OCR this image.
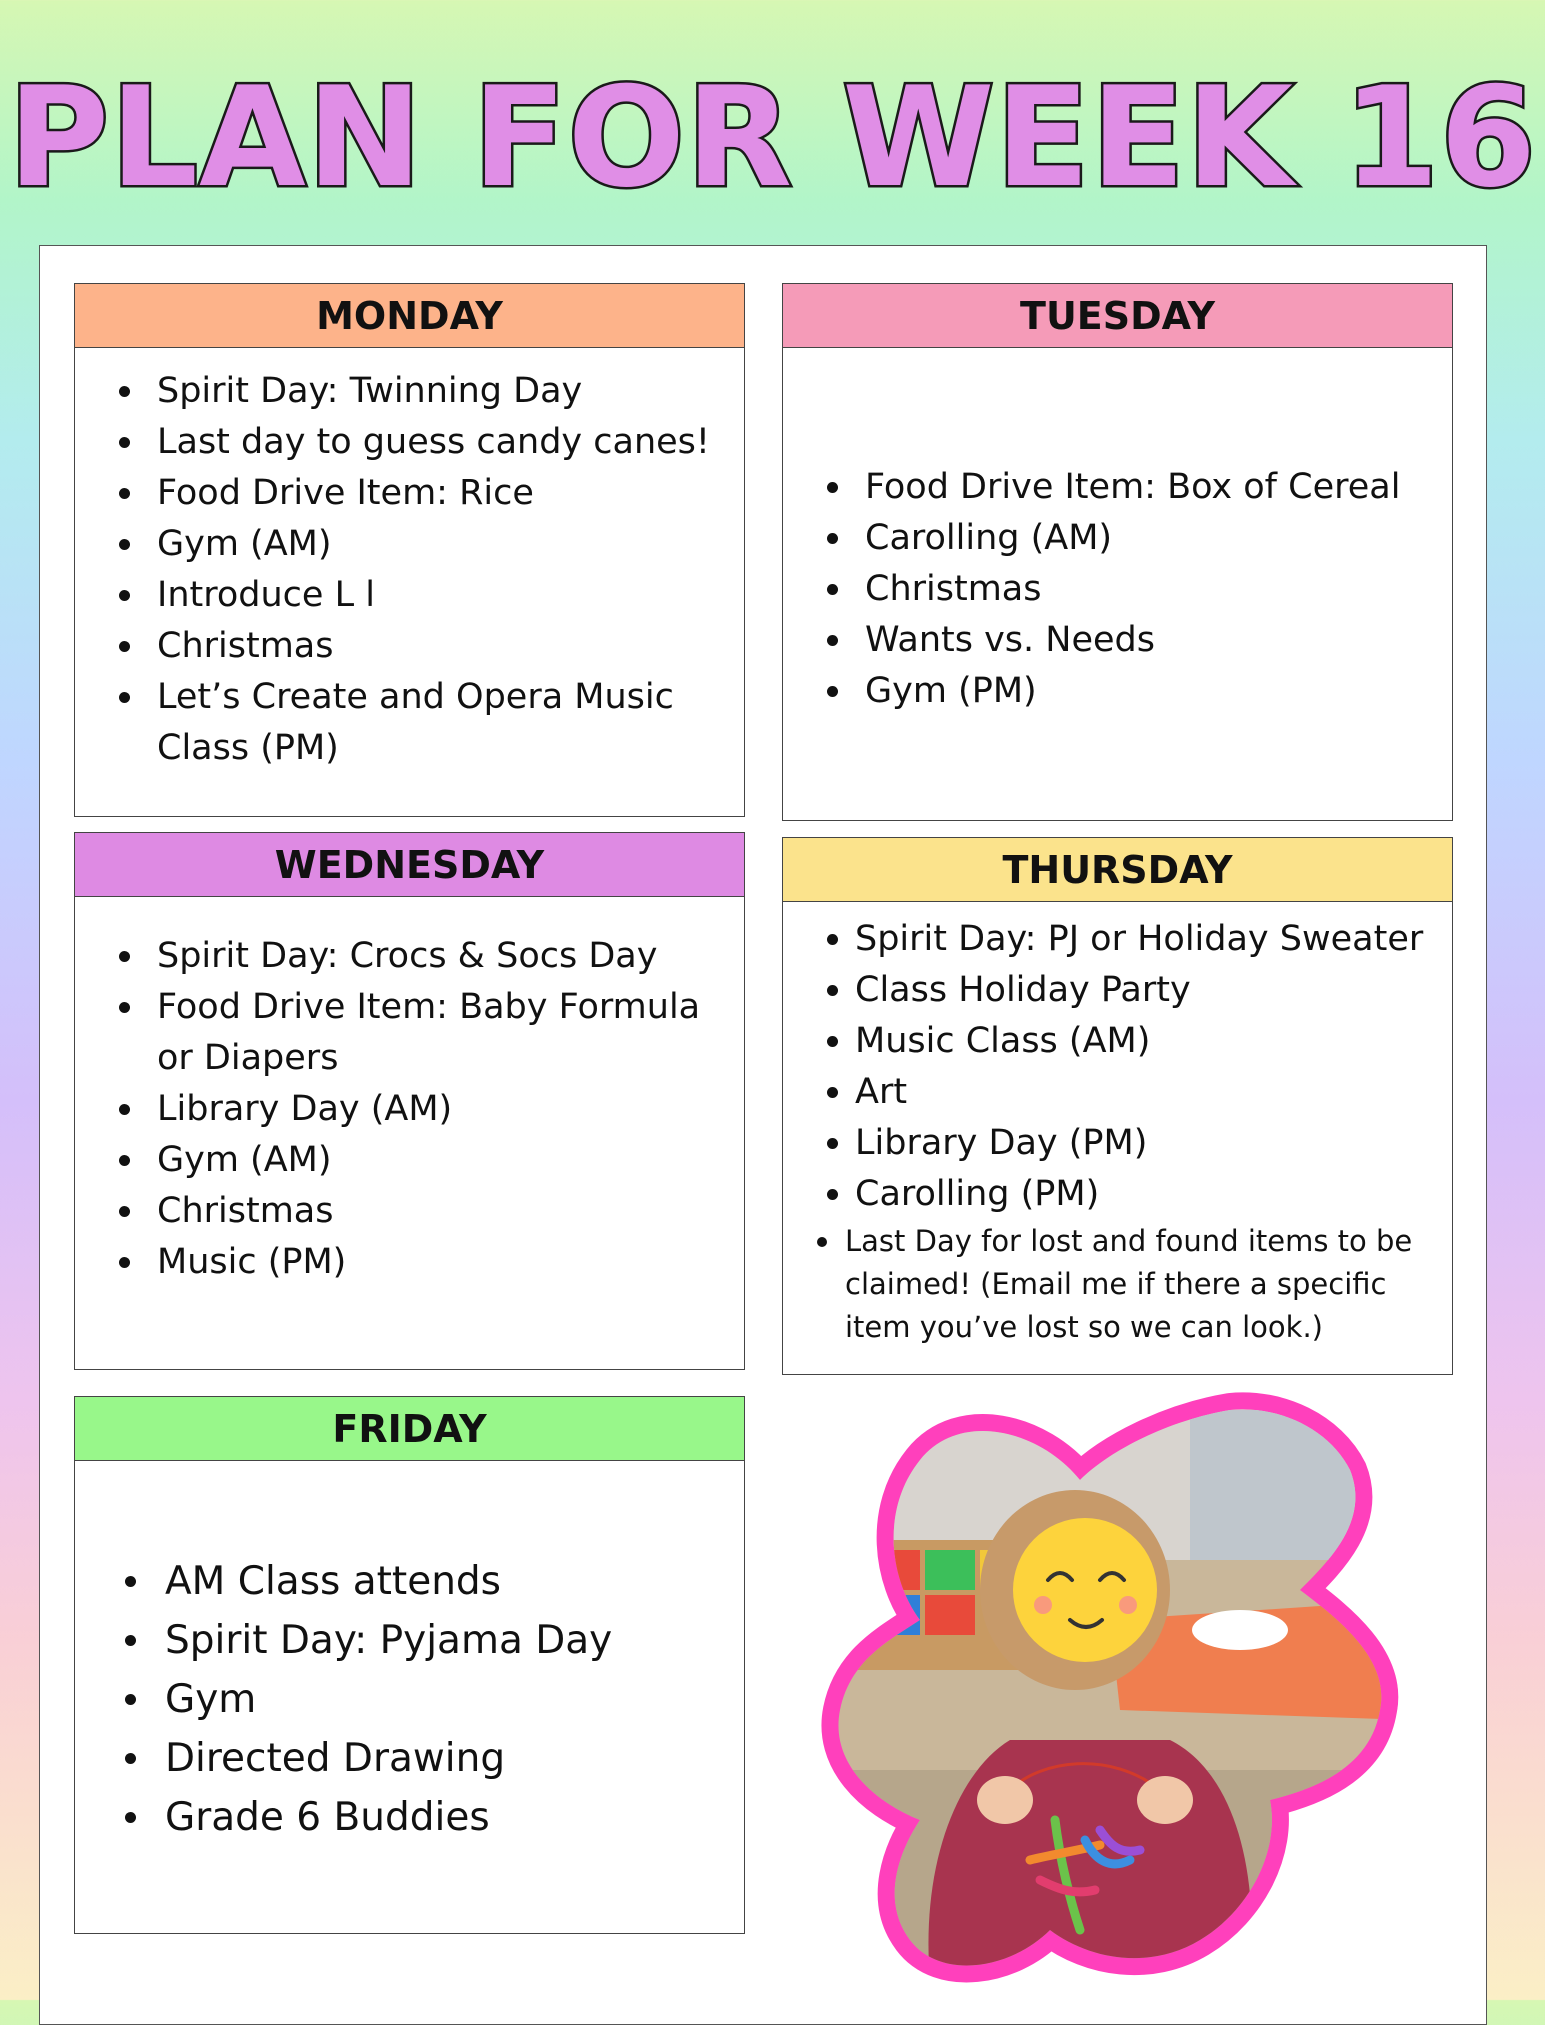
PLAN FOR WEEK 16
MONDAY
Spirit Day: Twinning Day
Last day to guess candy canes!
Food Drive Item: Rice
Gym (AM)
Introduce L l
Christmas
Let’s Create and Opera Music Class (PM)
TUESDAY
Food Drive Item: Box of Cereal
Carolling (AM)
Christmas
Wants vs. Needs
Gym (PM)
WEDNESDAY
Spirit Day: Crocs & Socs Day
Food Drive Item: Baby Formula or Diapers
Library Day (AM)
Gym (AM)
Christmas
Music (PM)
THURSDAY
Spirit Day: PJ or Holiday Sweater
Class Holiday Party
Music Class (AM)
Art
Library Day (PM)
Carolling (PM)
Last Day for lost and found items to be claimed! (Email me if there a specific item you’ve lost so we can look.)
FRIDAY
AM Class attends
Spirit Day: Pyjama Day
Gym
Directed Drawing
Grade 6 Buddies
